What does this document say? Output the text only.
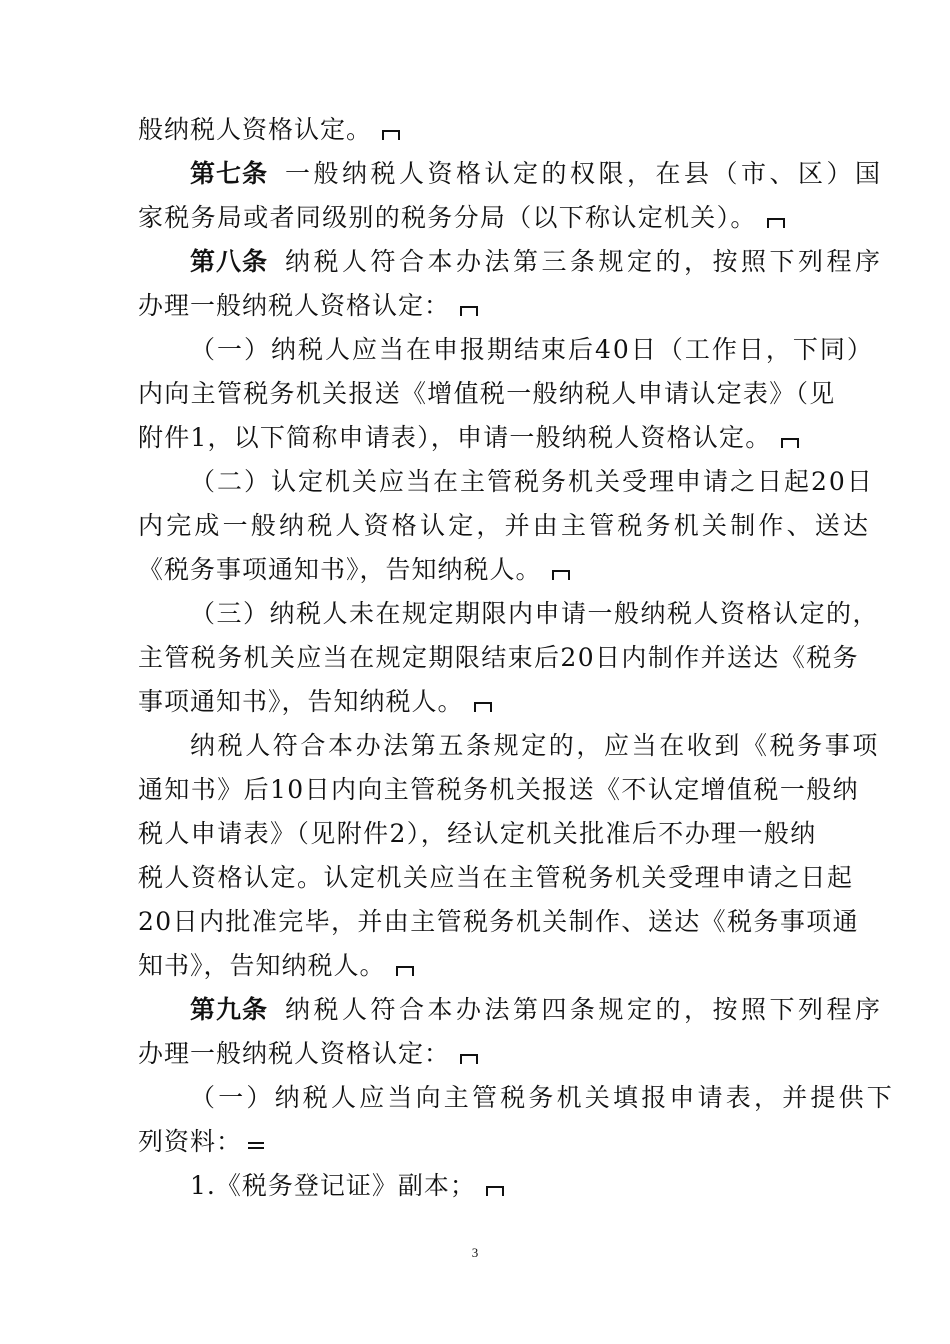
般纳税人资格认定。
第七条 一般纳税人资格认定的权限，在县（市、区）国
家税务局或者同级别的税务分局（以下称认定机关）。
第八条 纳税人符合本办法第三条规定的，按照下列程序
办理一般纳税人资格认定：
（一）纳税人应当在申报期结束后40日（工作日，下同）
内向主管税务机关报送《增值税一般纳税人申请认定表》（见
附件1，以下简称申请表），申请一般纳税人资格认定。
（二）认定机关应当在主管税务机关受理申请之日起20日
内完成一般纳税人资格认定，并由主管税务机关制作、送达
《税务事项通知书》，告知纳税人。
（三）纳税人未在规定期限内申请一般纳税人资格认定的，
主管税务机关应当在规定期限结束后20日内制作并送达《税务
事项通知书》，告知纳税人。
纳税人符合本办法第五条规定的，应当在收到《税务事项
通知书》后10日内向主管税务机关报送《不认定增值税一般纳
税人申请表》（见附件2），经认定机关批准后不办理一般纳
税人资格认定。认定机关应当在主管税务机关受理申请之日起
20日内批准完毕，并由主管税务机关制作、送达《税务事项通
知书》，告知纳税人。
第九条 纳税人符合本办法第四条规定的，按照下列程序
办理一般纳税人资格认定：
（一）纳税人应当向主管税务机关填报申请表，并提供下
列资料：
1.《税务登记证》副本；
3
